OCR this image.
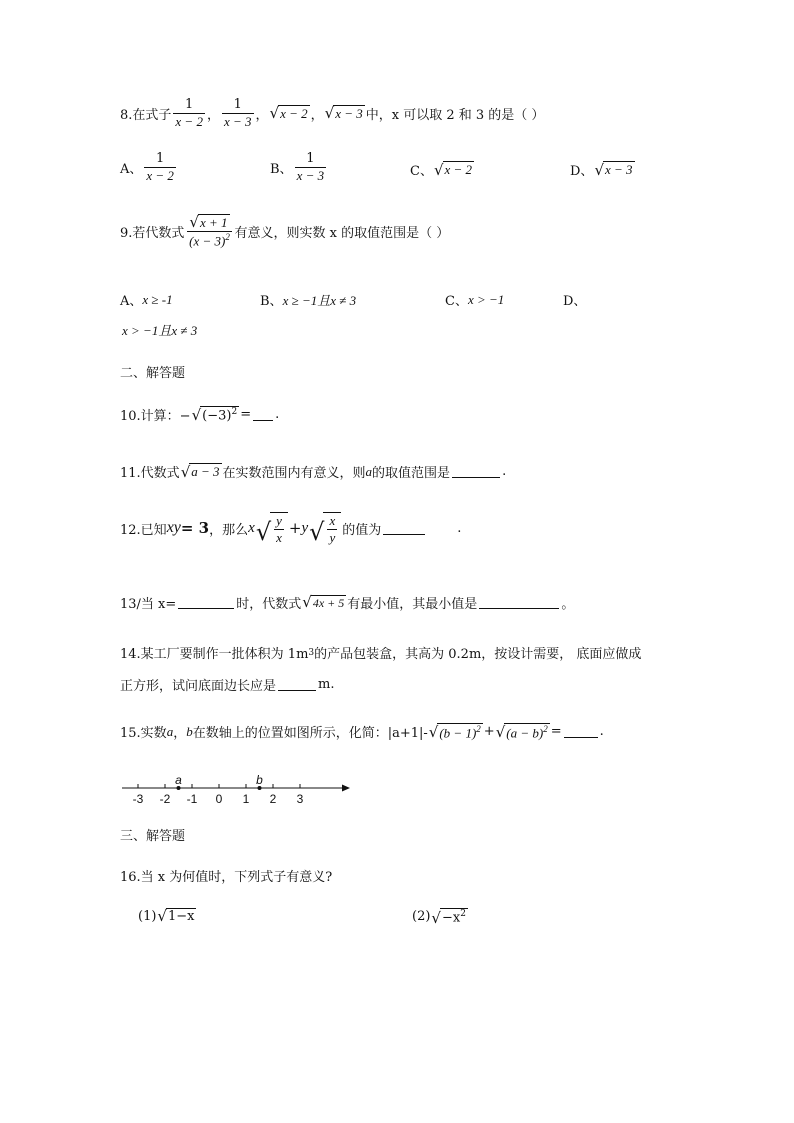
8.在式子 $\frac{1}{x - 2}$ ， $\frac{1}{x - 3}$ ， √ x − 2 ， √ x − 3 中，x 可以取 2 和 3 的是（ ）
A、 $\frac{1}{x - 2}$	B、 $\frac{1}{x - 3}$	C、 √ x − 2	D、 √ x − 3
9.若代数式 $\frac{√ x + 1}{(x - 3)^2}$ 有意义，则实数 x 的取值范围是（ ）
A、 x ≥ -1	B、 x ≥ −1且x ≠ 3	C、 x > −1	D、
x > −1且x ≠ 3
二、解答题
10.计算：− √ $(-3)^2$ = .
11.代数式 √ a − 3 在实数范围内有意义，则 a 的取值范围是	.
12.已知 xy = 3 ，那么 x √ $\frac{y}{x} + y$ √ $\frac{x}{y}$ 的值为	.
13/当 x=	时，代数式 √ 4x + 5 有最小值，其最小值是	。
14.某工厂要制作一批体积为 1m 3 的产品包装盒，其高为 0.2m，按设计需要， 底面应做成
正方形，试问底面边长应是	m.
15.实数 a ， b 在数轴上的位置如图所示，化简：|a+1|- √ $(b - 1)^2$ + √ $(a - b)^2$ =	.
-3 -2 -1 0 1 2 3
a	b
三、解答题
16.当 x 为何值时，下列式子有意义?
(1) √ 1−x	(2) √ $-x^2$
